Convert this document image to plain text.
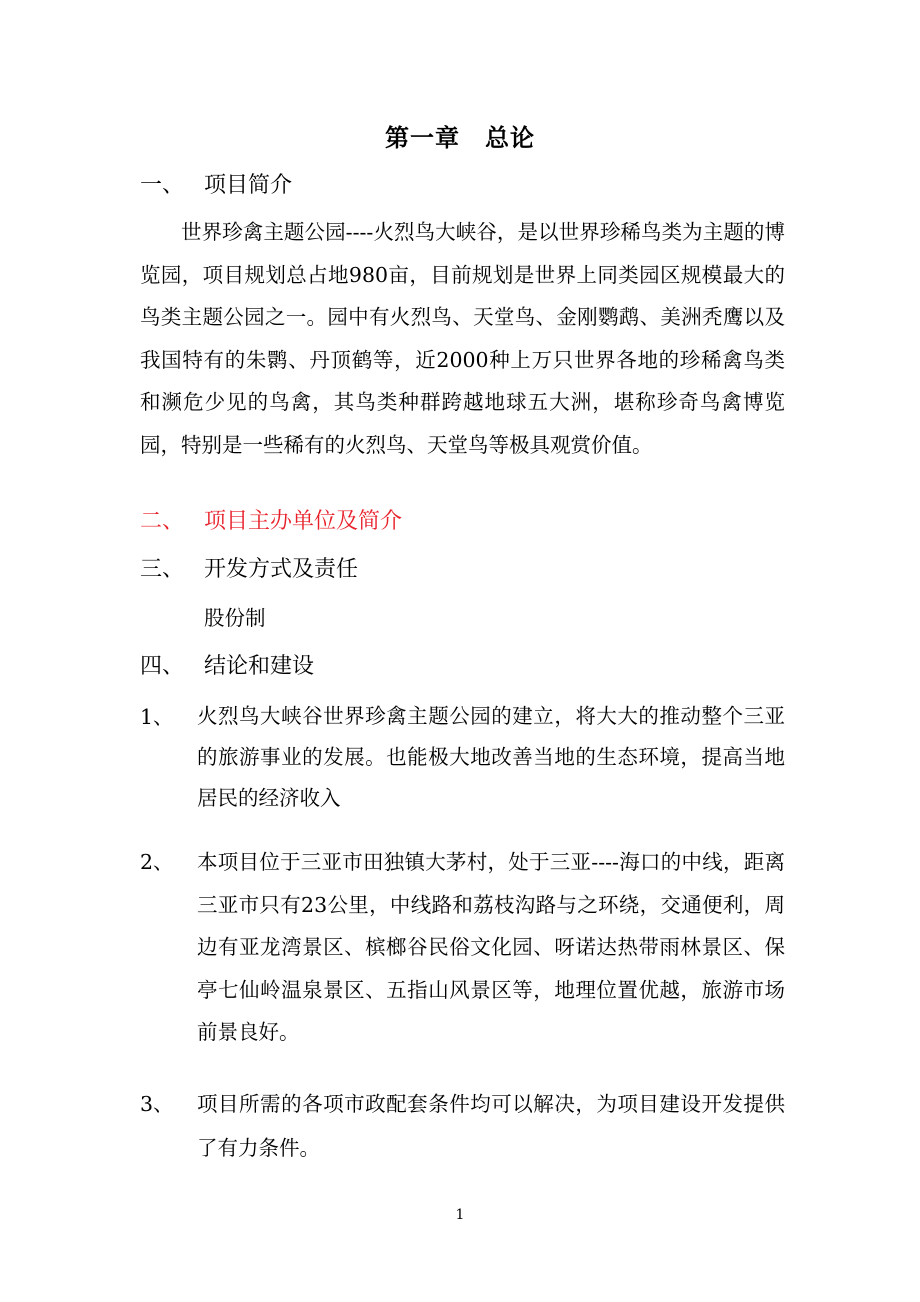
第一章　总论
一、 项目简介

世界珍禽主题公园----火烈鸟大峡谷，是以世界珍稀鸟类为主题的博览园，项目规划总占地980亩，目前规划是世界上同类园区规模最大的鸟类主题公园之一。园中有火烈鸟、天堂鸟、金刚鹦鹉、美洲秃鹰以及我国特有的朱鹮、丹顶鹤等，近2000种上万只世界各地的珍稀禽鸟类和濒危少见的鸟禽，其鸟类种群跨越地球五大洲，堪称珍奇鸟禽博览园，特别是一些稀有的火烈鸟、天堂鸟等极具观赏价值。

二、 项目主办单位及简介
三、 开发方式及责任
股份制
四、 结论和建设
1、 火烈鸟大峡谷世界珍禽主题公园的建立，将大大的推动整个三亚的旅游事业的发展。也能极大地改善当地的生态环境，提高当地居民的经济收入

2、 本项目位于三亚市田独镇大茅村，处于三亚----海口的中线，距离三亚市只有23公里，中线路和荔枝沟路与之环绕，交通便利，周边有亚龙湾景区、槟榔谷民俗文化园、呀诺达热带雨林景区、保亭七仙岭温泉景区、五指山风景区等，地理位置优越，旅游市场前景良好。

3、 项目所需的各项市政配套条件均可以解决，为项目建设开发提供了有力条件。

1
